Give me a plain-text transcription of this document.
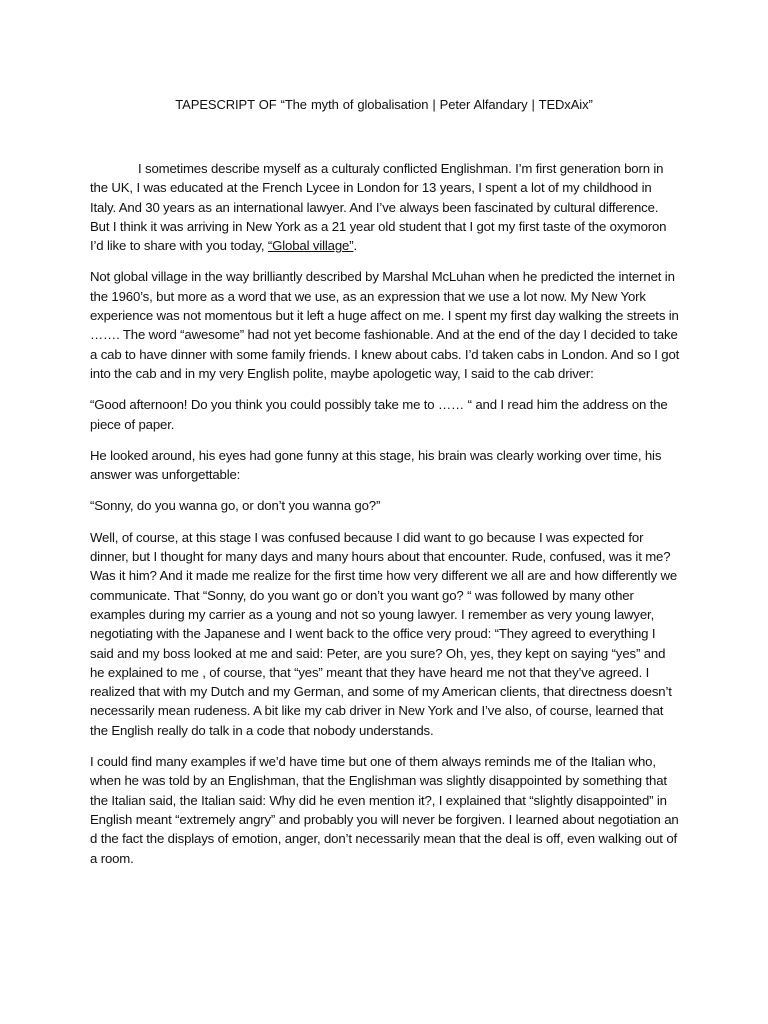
TAPESCRIPT OF “The myth of globalisation | Peter Alfandary | TEDxAix”

I sometimes describe myself as a culturaly conflicted Englishman. I’m first generation born in the UK, I was educated at the French Lycee in London for 13 years, I spent a lot of my childhood in Italy. And 30 years as an international lawyer. And I’ve always been fascinated by cultural difference. But I think it was arriving in New York as a 21 year old student that I got my first taste of the oxymoron I’d like to share with you today, “Global village”.

Not global village in the way brilliantly described by Marshal McLuhan when he predicted the internet in the 1960’s, but more as a word that we use, as an expression that we use a lot now. My New York experience was not momentous but it left a huge affect on me. I spent my first day walking the streets in ……. The word “awesome” had not yet become fashionable. And at the end of the day I decided to take a cab to have dinner with some family friends. I knew about cabs. I’d taken cabs in London. And so I got into the cab and in my very English polite, maybe apologetic way, I said to the cab driver:

“Good afternoon! Do you think you could possibly take me to …… “ and I read him the address on the piece of paper.

He looked around, his eyes had gone funny at this stage, his brain was clearly working over time, his answer was unforgettable:

“Sonny, do you wanna go, or don’t you wanna go?”

Well, of course, at this stage I was confused because I did want to go because I was expected for dinner, but I thought for many days and many hours about that encounter. Rude, confused, was it me? Was it him? And it made me realize for the first time how very different we all are and how differently we communicate. That “Sonny, do you want go or don’t you want go? “ was followed by many other examples during my carrier as a young and not so young lawyer. I remember as very young lawyer, negotiating with the Japanese and I went back to the office very proud: “They agreed to everything I said and my boss looked at me and said: Peter, are you sure? Oh, yes, they kept on saying “yes” and he explained to me , of course, that “yes” meant that they have heard me not that they’ve agreed. I realized that with my Dutch and my German, and some of my American clients, that directness doesn’t necessarily mean rudeness. A bit like my cab driver in New York and I’ve also, of course, learned that the English really do talk in a code that nobody understands.

I could find many examples if we’d have time but one of them always reminds me of the Italian who, when he was told by an Englishman, that the Englishman was slightly disappointed by something that the Italian said, the Italian said: Why did he even mention it?, I explained that “slightly disappointed” in English meant “extremely angry” and probably you will never be forgiven. I learned about negotiation an d the fact the displays of emotion, anger, don’t necessarily mean that the deal is off, even walking out of a room.
